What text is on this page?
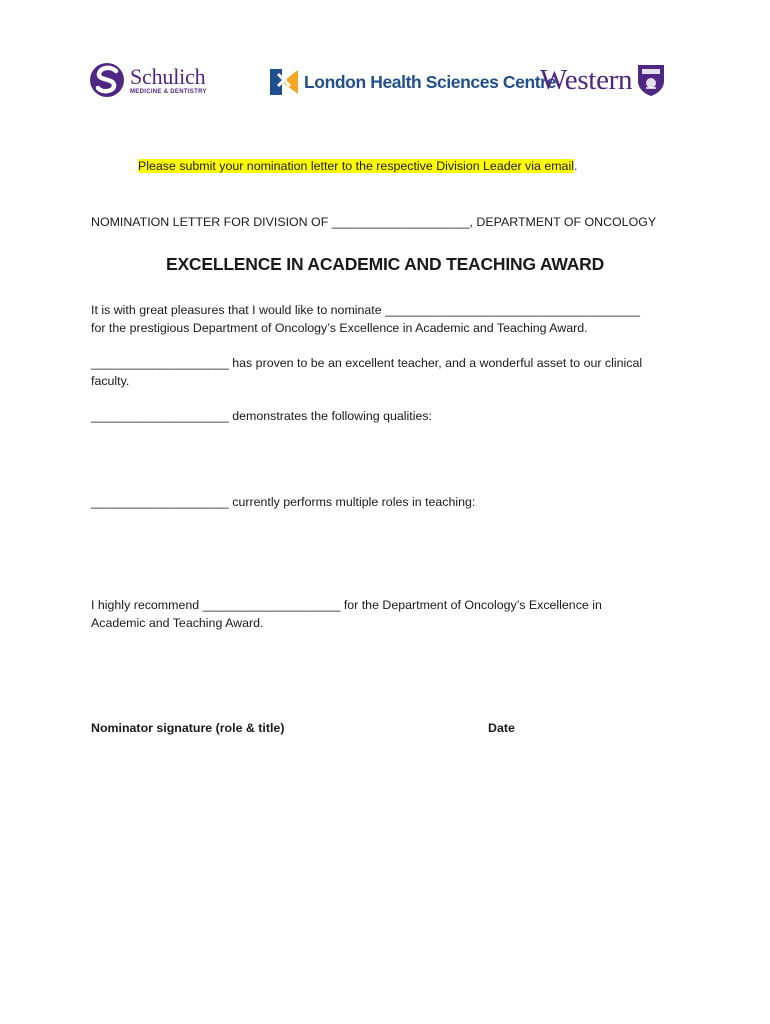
Schulich
MEDICINE & DENTISTRY	London Health Sciences Centre
Western
Please submit your nomination letter to the respective Division Leader via email.
NOMINATION LETTER FOR DIVISION OF ____________________, DEPARTMENT OF ONCOLOGY
EXCELLENCE IN ACADEMIC AND TEACHING AWARD
It is with great pleasures that I would like to nominate _____________________________________
for the prestigious Department of Oncology’s Excellence in Academic and Teaching Award.
____________________ has proven to be an excellent teacher, and a wonderful asset to our clinical
faculty.
____________________ demonstrates the following qualities:
____________________ currently performs multiple roles in teaching:
I highly recommend ____________________ for the Department of Oncology’s Excellence in
Academic and Teaching Award.
Nominator signature (role & title)	Date
